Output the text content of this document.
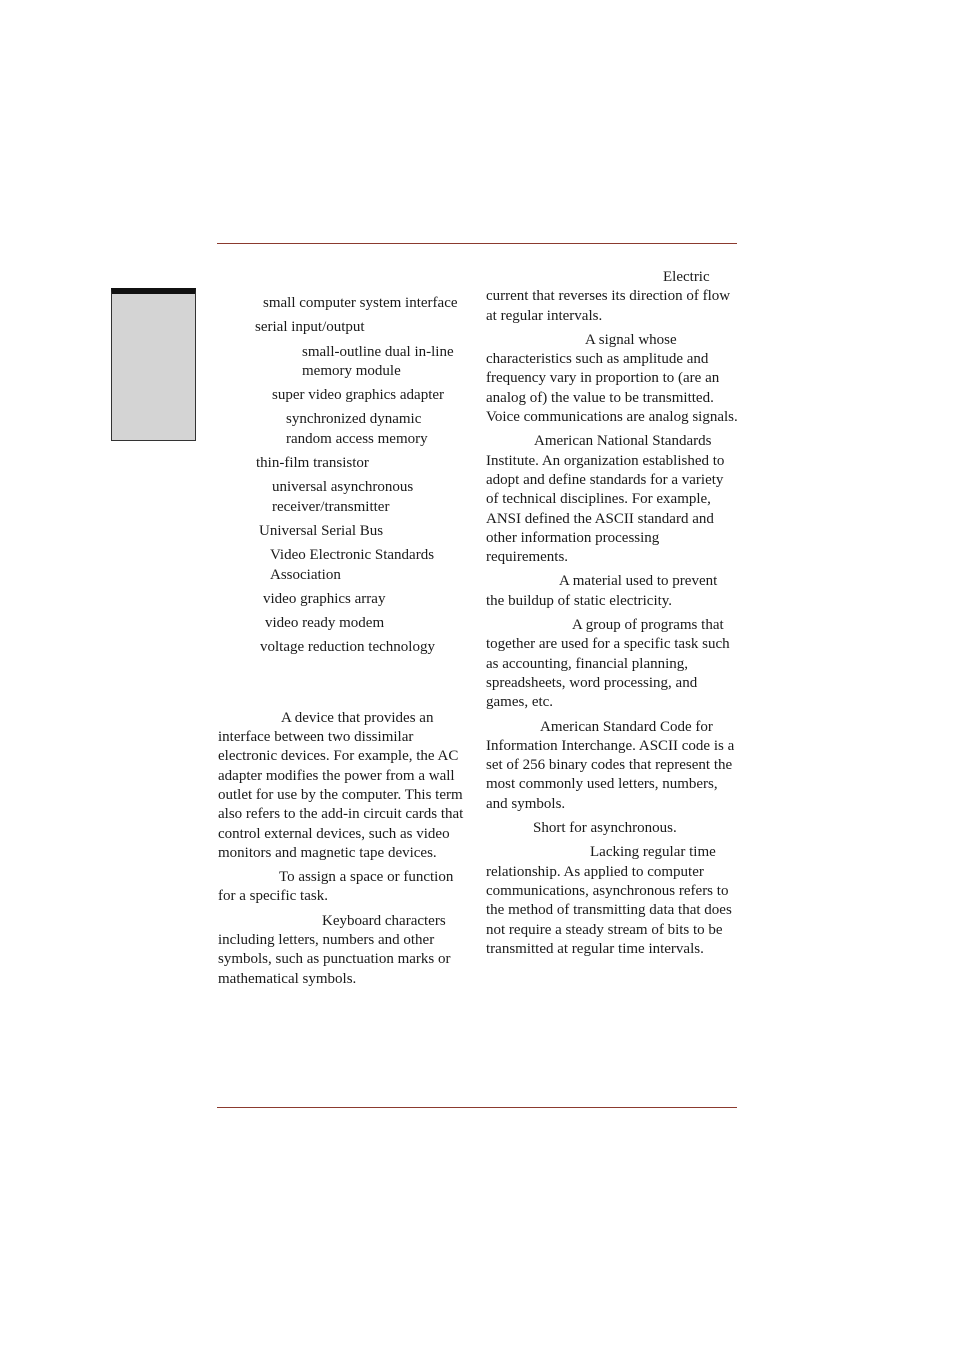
small computer system interface
serial input/output
small-outline dual in-line memory module
super video graphics adapter
synchronized dynamic random access memory
thin-film transistor
universal asynchronous receiver/transmitter
Universal Serial Bus
Video Electronic Standards Association
video graphics array
video ready modem
voltage reduction technology
A device that provides an interface between two dissimilar electronic devices. For example, the AC adapter modifies the power from a wall outlet for use by the computer. This term also refers to the add-in circuit cards that control external devices, such as video monitors and magnetic tape devices.
To assign a space or function for a specific task.
Keyboard characters including letters, numbers and other symbols, such as punctuation marks or mathematical symbols.
Electric current that reverses its direction of flow at regular intervals.
A signal whose characteristics such as amplitude and frequency vary in proportion to (are an analog of) the value to be transmitted. Voice communications are analog signals.
American National Standards Institute. An organization established to adopt and define standards for a variety of technical disciplines. For example, ANSI defined the ASCII standard and other information processing requirements.
A material used to prevent the buildup of static electricity.
A group of programs that together are used for a specific task such as accounting, financial planning, spreadsheets, word processing, and games, etc.
American Standard Code for Information Interchange. ASCII code is a set of 256 binary codes that represent the most commonly used letters, numbers, and symbols.
Short for asynchronous.
Lacking regular time relationship. As applied to computer communications, asynchronous refers to the method of transmitting data that does not require a steady stream of bits to be transmitted at regular time intervals.
